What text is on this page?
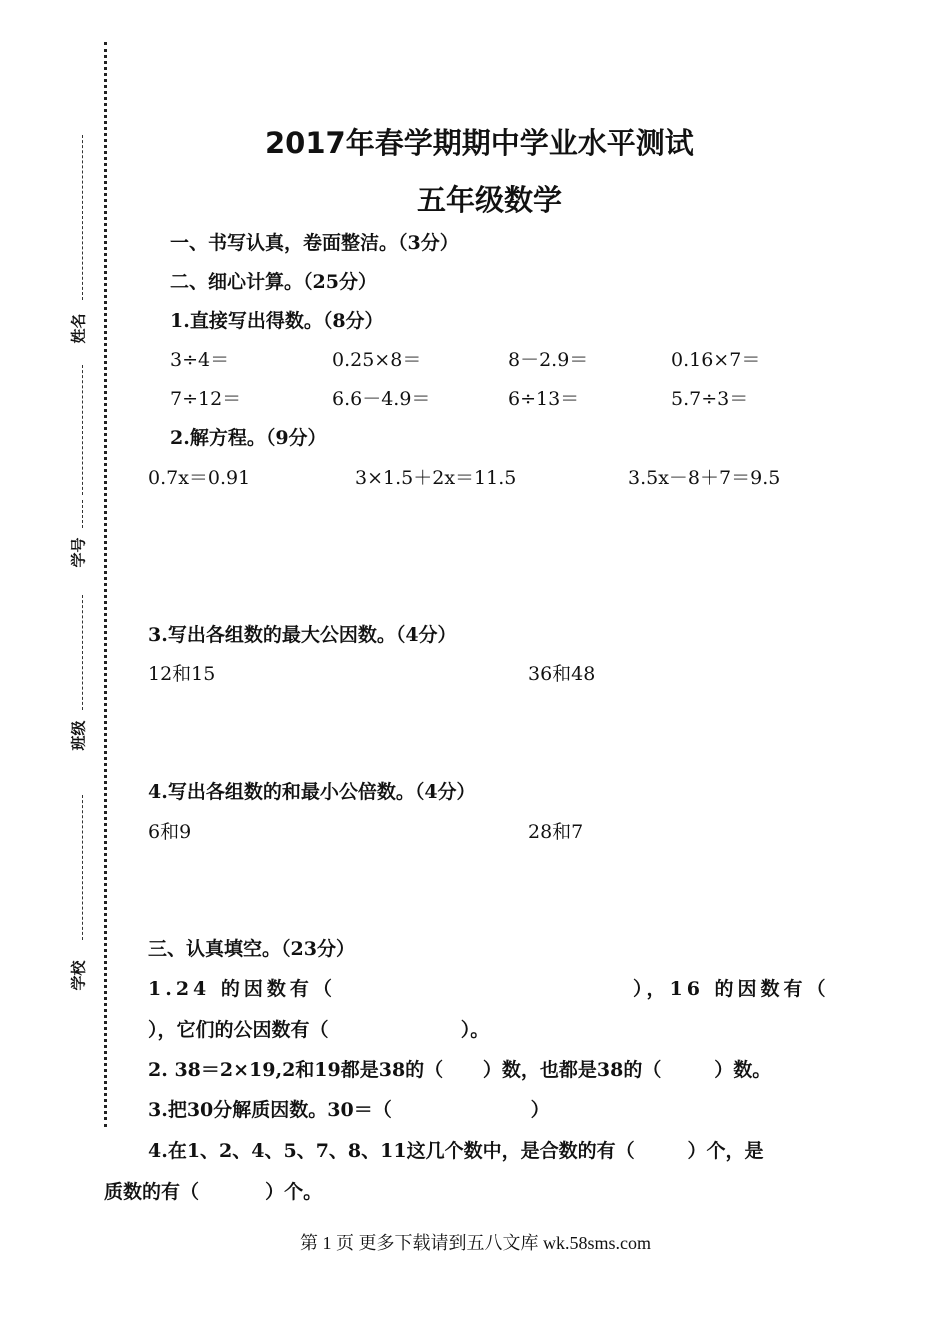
姓名
学号
班级
学校
2017年春学期期中学业水平测试
五年级数学
一、书写认真，卷面整洁。（3分）
二、细心计算。（25分）
1.直接写出得数。（8分）
3÷4＝	0.25×8＝	8－2.9＝	0.16×7＝
7÷12＝	6.6－4.9＝	6÷13＝	5.7÷3＝
2.解方程。（9分）
0.7x＝0.91	3×1.5＋2x＝11.5	3.5x－8＋7＝9.5
3.写出各组数的最大公因数。（4分）
12和15	36和48
4.写出各组数的和最小公倍数。（4分）
6和9	28和7
三、认真填空。（23分）
1.24 的因数有（	），16 的因数有（
），它们的公因数有（                    ）。
2. 38＝2×19,2和19都是38的（      ）数，也都是38的（        ）数。
3.把30分解质因数。30＝（                     ）
4.在1、2、4、5、7、8、11这几个数中，是合数的有（        ）个，是
质数的有（          ）个。
第 1 页 更多下载请到五八文库 wk.58sms.com
